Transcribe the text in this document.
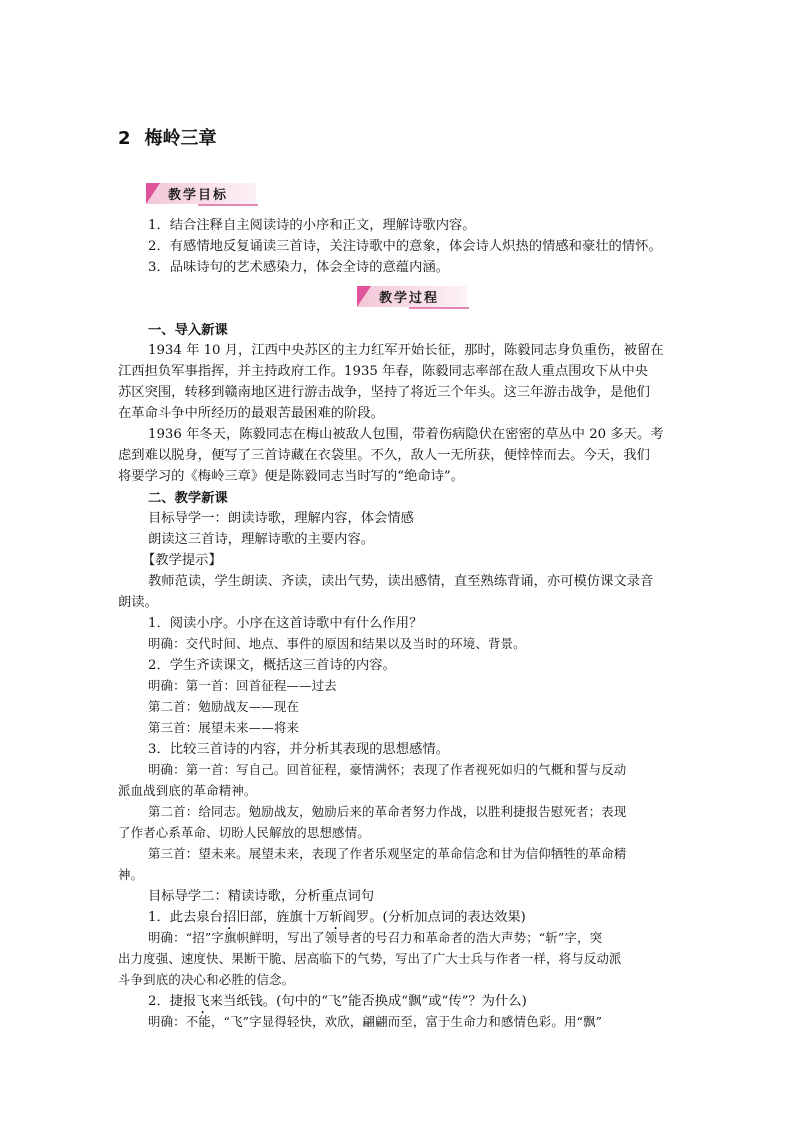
2 梅岭三章
教学目标
1．结合注释自主阅读诗的小序和正文，理解诗歌内容。
2．有感情地反复诵读三首诗，关注诗歌中的意象，体会诗人炽热的情感和豪壮的情怀。
3．品味诗句的艺术感染力，体会全诗的意蕴内涵。
教学过程
一、导入新课
1934 年 10 月，江西中央苏区的主力红军开始长征，那时，陈毅同志身负重伤，被留在
江西担负军事指挥，并主持政府工作。1935 年春，陈毅同志率部在敌人重点围攻下从中央
苏区突围，转移到赣南地区进行游击战争，坚持了将近三个年头。这三年游击战争，是他们
在革命斗争中所经历的最艰苦最困难的阶段。
1936 年冬天，陈毅同志在梅山被敌人包围，带着伤病隐伏在密密的草丛中 20 多天。考
虑到难以脱身，便写了三首诗藏在衣袋里。不久，敌人一无所获，便悻悻而去。今天，我们
将要学习的《梅岭三章》便是陈毅同志当时写的“绝命诗”。
二、教学新课
目标导学一：朗读诗歌，理解内容，体会情感
朗读这三首诗，理解诗歌的主要内容。
【教学提示】
教师范读，学生朗读、齐读，读出气势，读出感情，直至熟练背诵，亦可模仿课文录音
朗读。
1．阅读小序。小序在这首诗歌中有什么作用？
明确：交代时间、地点、事件的原因和结果以及当时的环境、背景。
2．学生齐读课文，概括这三首诗的内容。
明确：第一首：回首征程——过去
第二首：勉励战友——现在
第三首：展望未来——将来
3．比较三首诗的内容，并分析其表现的思想感情。
明确：第一首：写自己。回首征程，豪情满怀；表现了作者视死如归的气概和誓与反动
派血战到底的革命精神。
第二首：给同志。勉励战友，勉励后来的革命者努力作战，以胜利捷报告慰死者；表现
了作者心系革命、切盼人民解放的思想感情。
第三首：望未来。展望未来，表现了作者乐观坚定的革命信念和甘为信仰牺牲的革命精
神。
目标导学二：精读诗歌，分析重点词句
1．此去泉台招旧部，旌旗十万斩阎罗。(分析加点词的表达效果)
明确：“招”字旗帜鲜明，写出了领导者的号召力和革命者的浩大声势；“斩”字，突
出力度强、速度快、果断干脆、居高临下的气势，写出了广大士兵与作者一样，将与反动派
斗争到底的决心和必胜的信念。
2．捷报飞来当纸钱。(句中的“飞”能否换成“飘”或“传”？为什么)
明确：不能，“飞”字显得轻快，欢欣，翩翩而至，富于生命力和感情色彩。用“飘”
